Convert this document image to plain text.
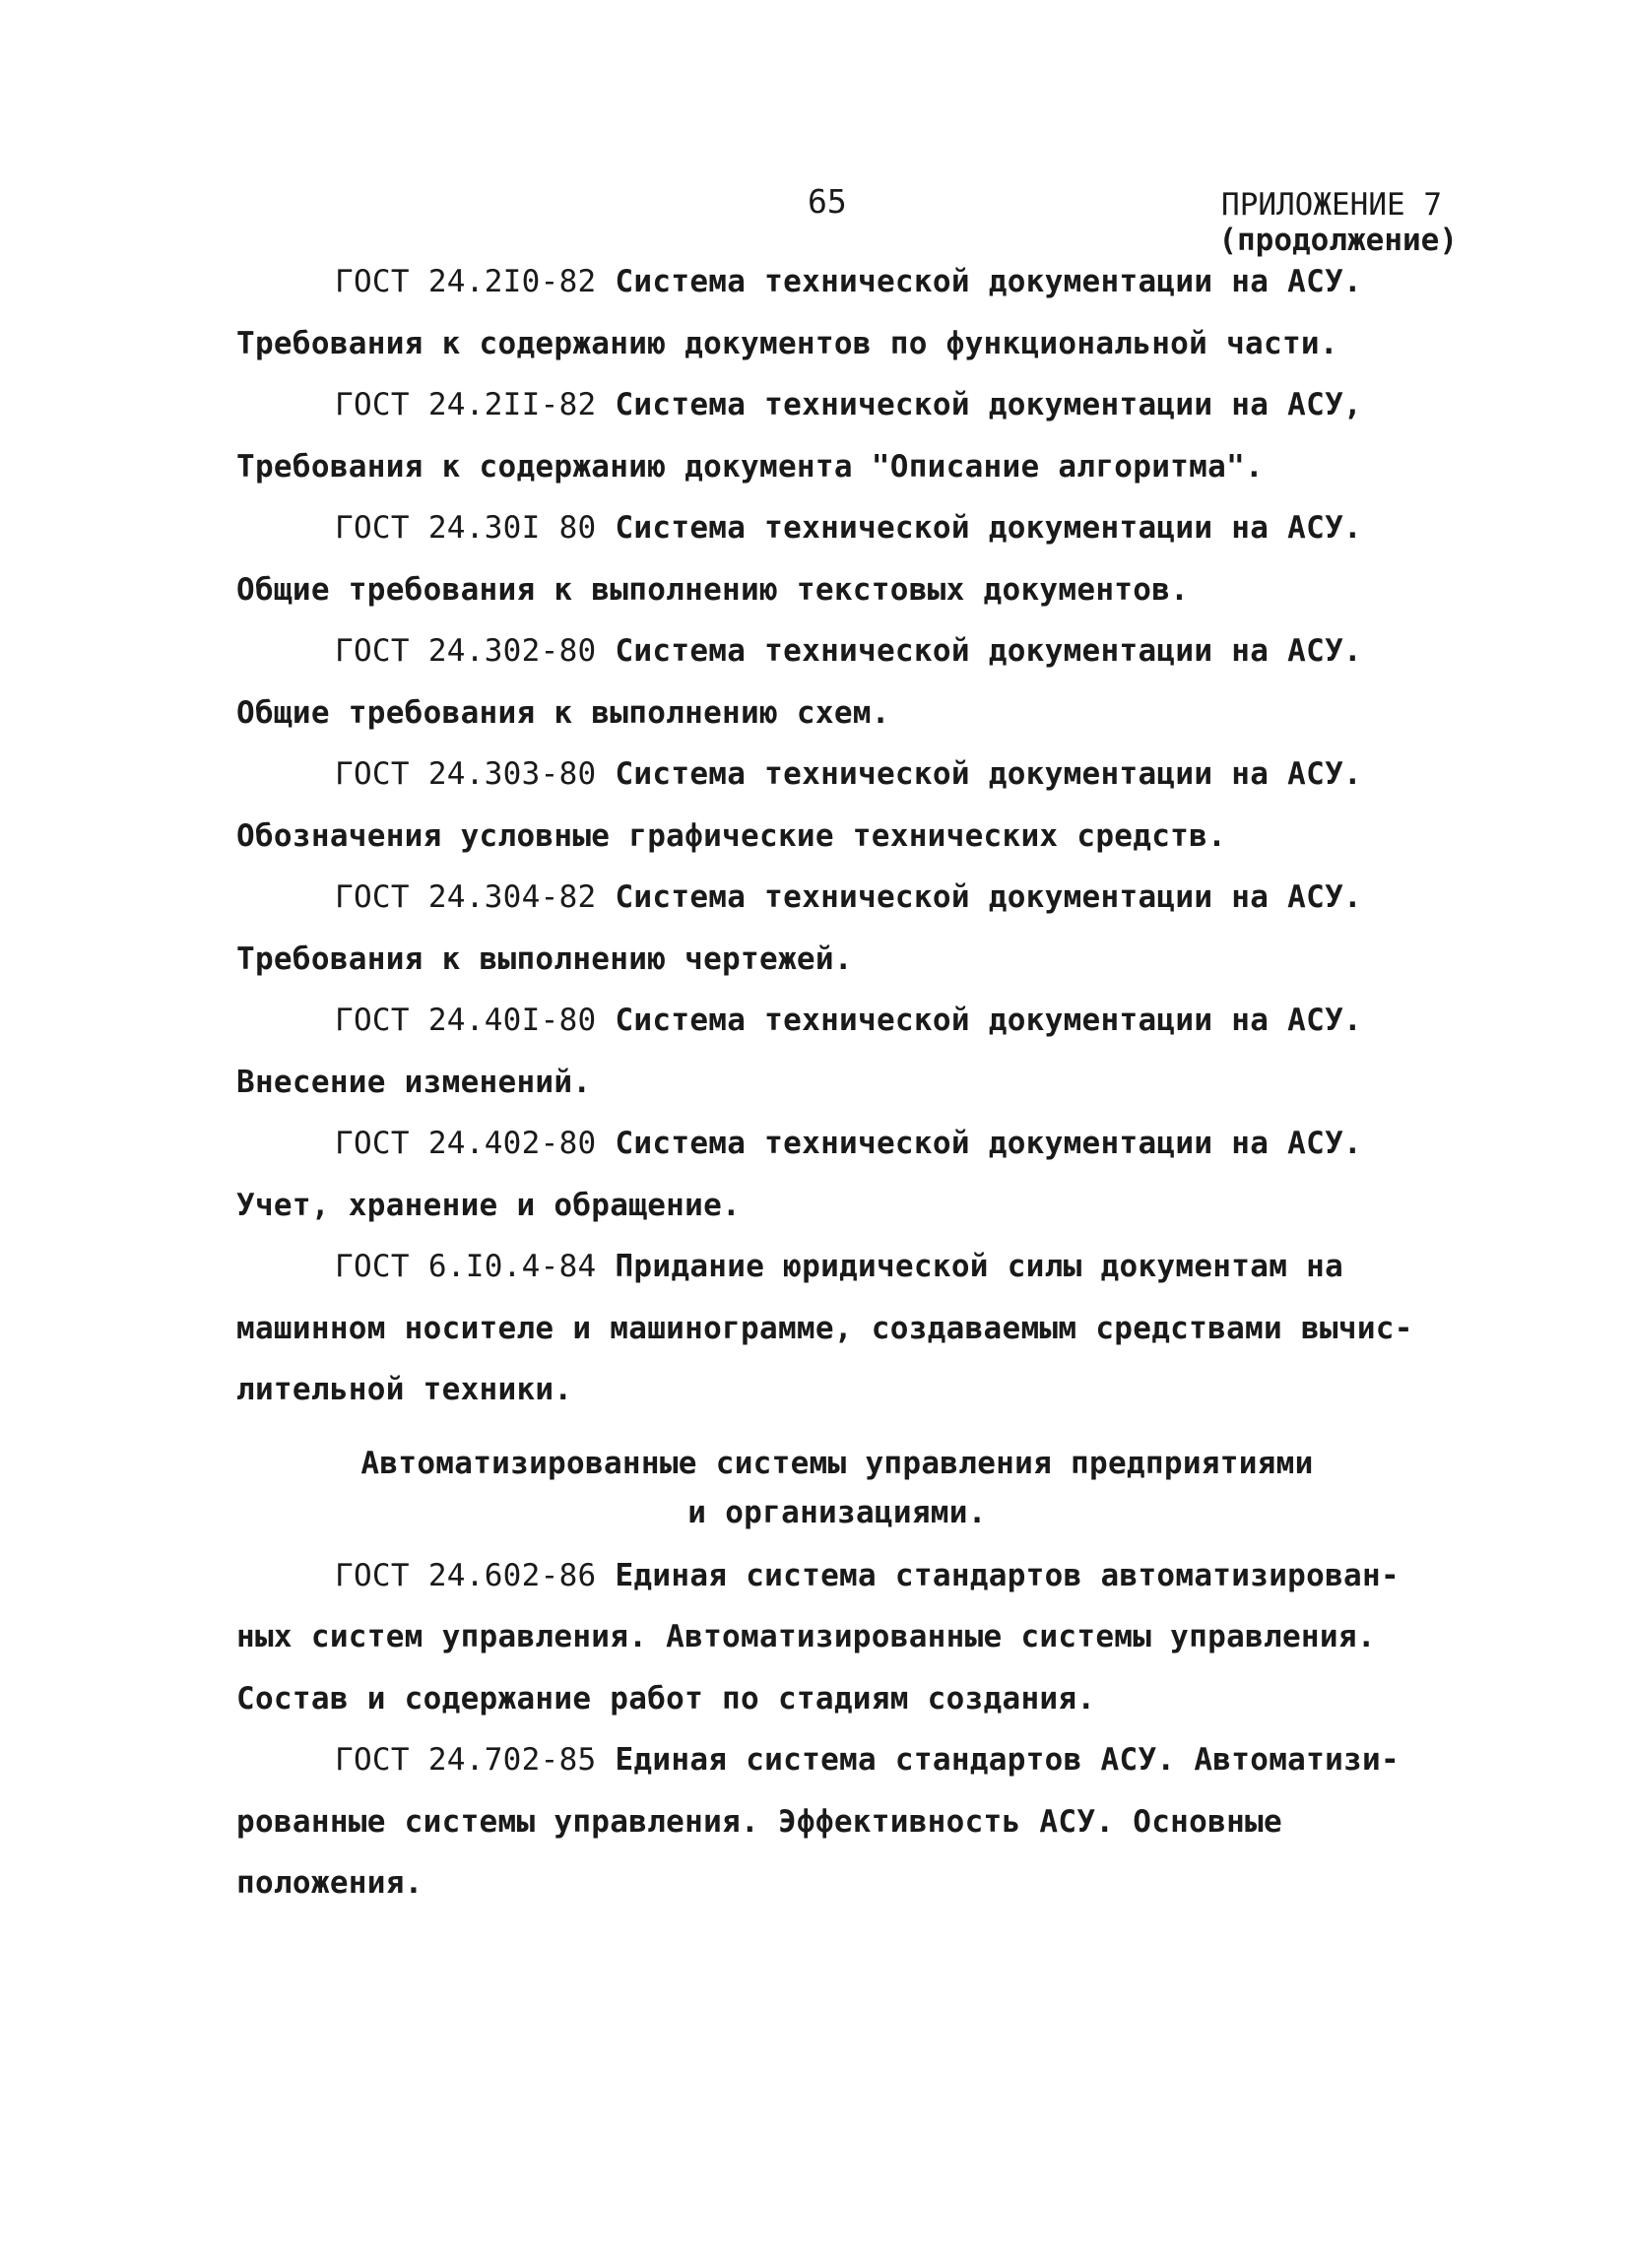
65	ПРИЛОЖЕНИЕ 7
(продолжение)
ГОСТ 24.2I0-82 Система технической документации на АСУ.
Требования к содержанию документов по функциональной части.
ГОСТ 24.2II-82 Система технической документации на АСУ,
Требования к содержанию документа "Описание алгоритма".
ГОСТ 24.30I 80 Система технической документации на АСУ.
Общие требования к выполнению текстовых документов.
ГОСТ 24.302-80 Система технической документации на АСУ.
Общие требования к выполнению схем.
ГОСТ 24.303-80 Система технической документации на АСУ.
Обозначения условные графические технических средств.
ГОСТ 24.304-82 Система технической документации на АСУ.
Требования к выполнению чертежей.
ГОСТ 24.40I-80 Система технической документации на АСУ.
Внесение изменений.
ГОСТ 24.402-80 Система технической документации на АСУ.
Учет, хранение и обращение.
ГОСТ 6.I0.4-84 Придание юридической силы документам на
машинном носителе и машинограмме, создаваемым средствами вычис-
лительной техники.
Автоматизированные системы управления предприятиями
и организациями.
ГОСТ 24.602-86 Единая система стандартов автоматизирован-
ных систем управления. Автоматизированные системы управления.
Состав и содержание работ по стадиям создания.
ГОСТ 24.702-85 Единая система стандартов АСУ. Автоматизи-
рованные системы управления. Эффективность АСУ. Основные
положения.
